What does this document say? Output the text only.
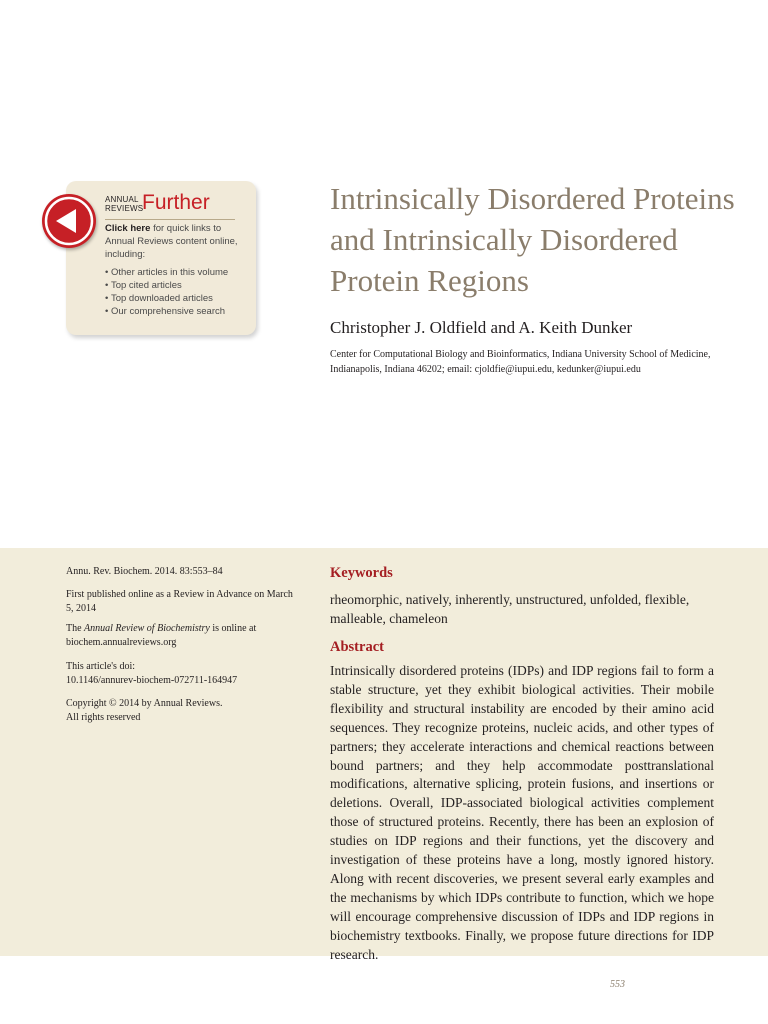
ANNUAL
REVIEWS
Further
Click here for quick links to Annual Reviews content online, including:
• Other articles in this volume
• Top cited articles
• Top downloaded articles
• Our comprehensive search
Intrinsically Disordered Proteins and Intrinsically Disordered Protein Regions
Christopher J. Oldfield and A. Keith Dunker
Center for Computational Biology and Bioinformatics, Indiana University School of Medicine, Indianapolis, Indiana 46202; email: cjoldfie@iupui.edu, kedunker@iupui.edu
Annu. Rev. Biochem. 2014. 83:553–84
First published online as a Review in Advance on March 5, 2014
The Annual Review of Biochemistry is online at biochem.annualreviews.org
This article's doi:
10.1146/annurev-biochem-072711-164947
Copyright © 2014 by Annual Reviews.
All rights reserved
Keywords

rheomorphic, natively, inherently, unstructured, unfolded, flexible, malleable, chameleon

Abstract

Intrinsically disordered proteins (IDPs) and IDP regions fail to form a stable structure, yet they exhibit biological activities. Their mobile flexibility and structural instability are encoded by their amino acid sequences. They recognize proteins, nucleic acids, and other types of partners; they accelerate interactions and chemical reactions between bound partners; and they help accommodate posttranslational modifications, alternative splicing, protein fusions, and insertions or deletions. Overall, IDP-associated biological activities complement those of structured proteins. Recently, there has been an explosion of studies on IDP regions and their functions, yet the discovery and investigation of these proteins have a long, mostly ignored history. Along with recent discoveries, we present several early examples and the mechanisms by which IDPs contribute to function, which we hope will encourage comprehensive discussion of IDPs and IDP regions in biochemistry textbooks. Finally, we propose future directions for IDP research.

553
